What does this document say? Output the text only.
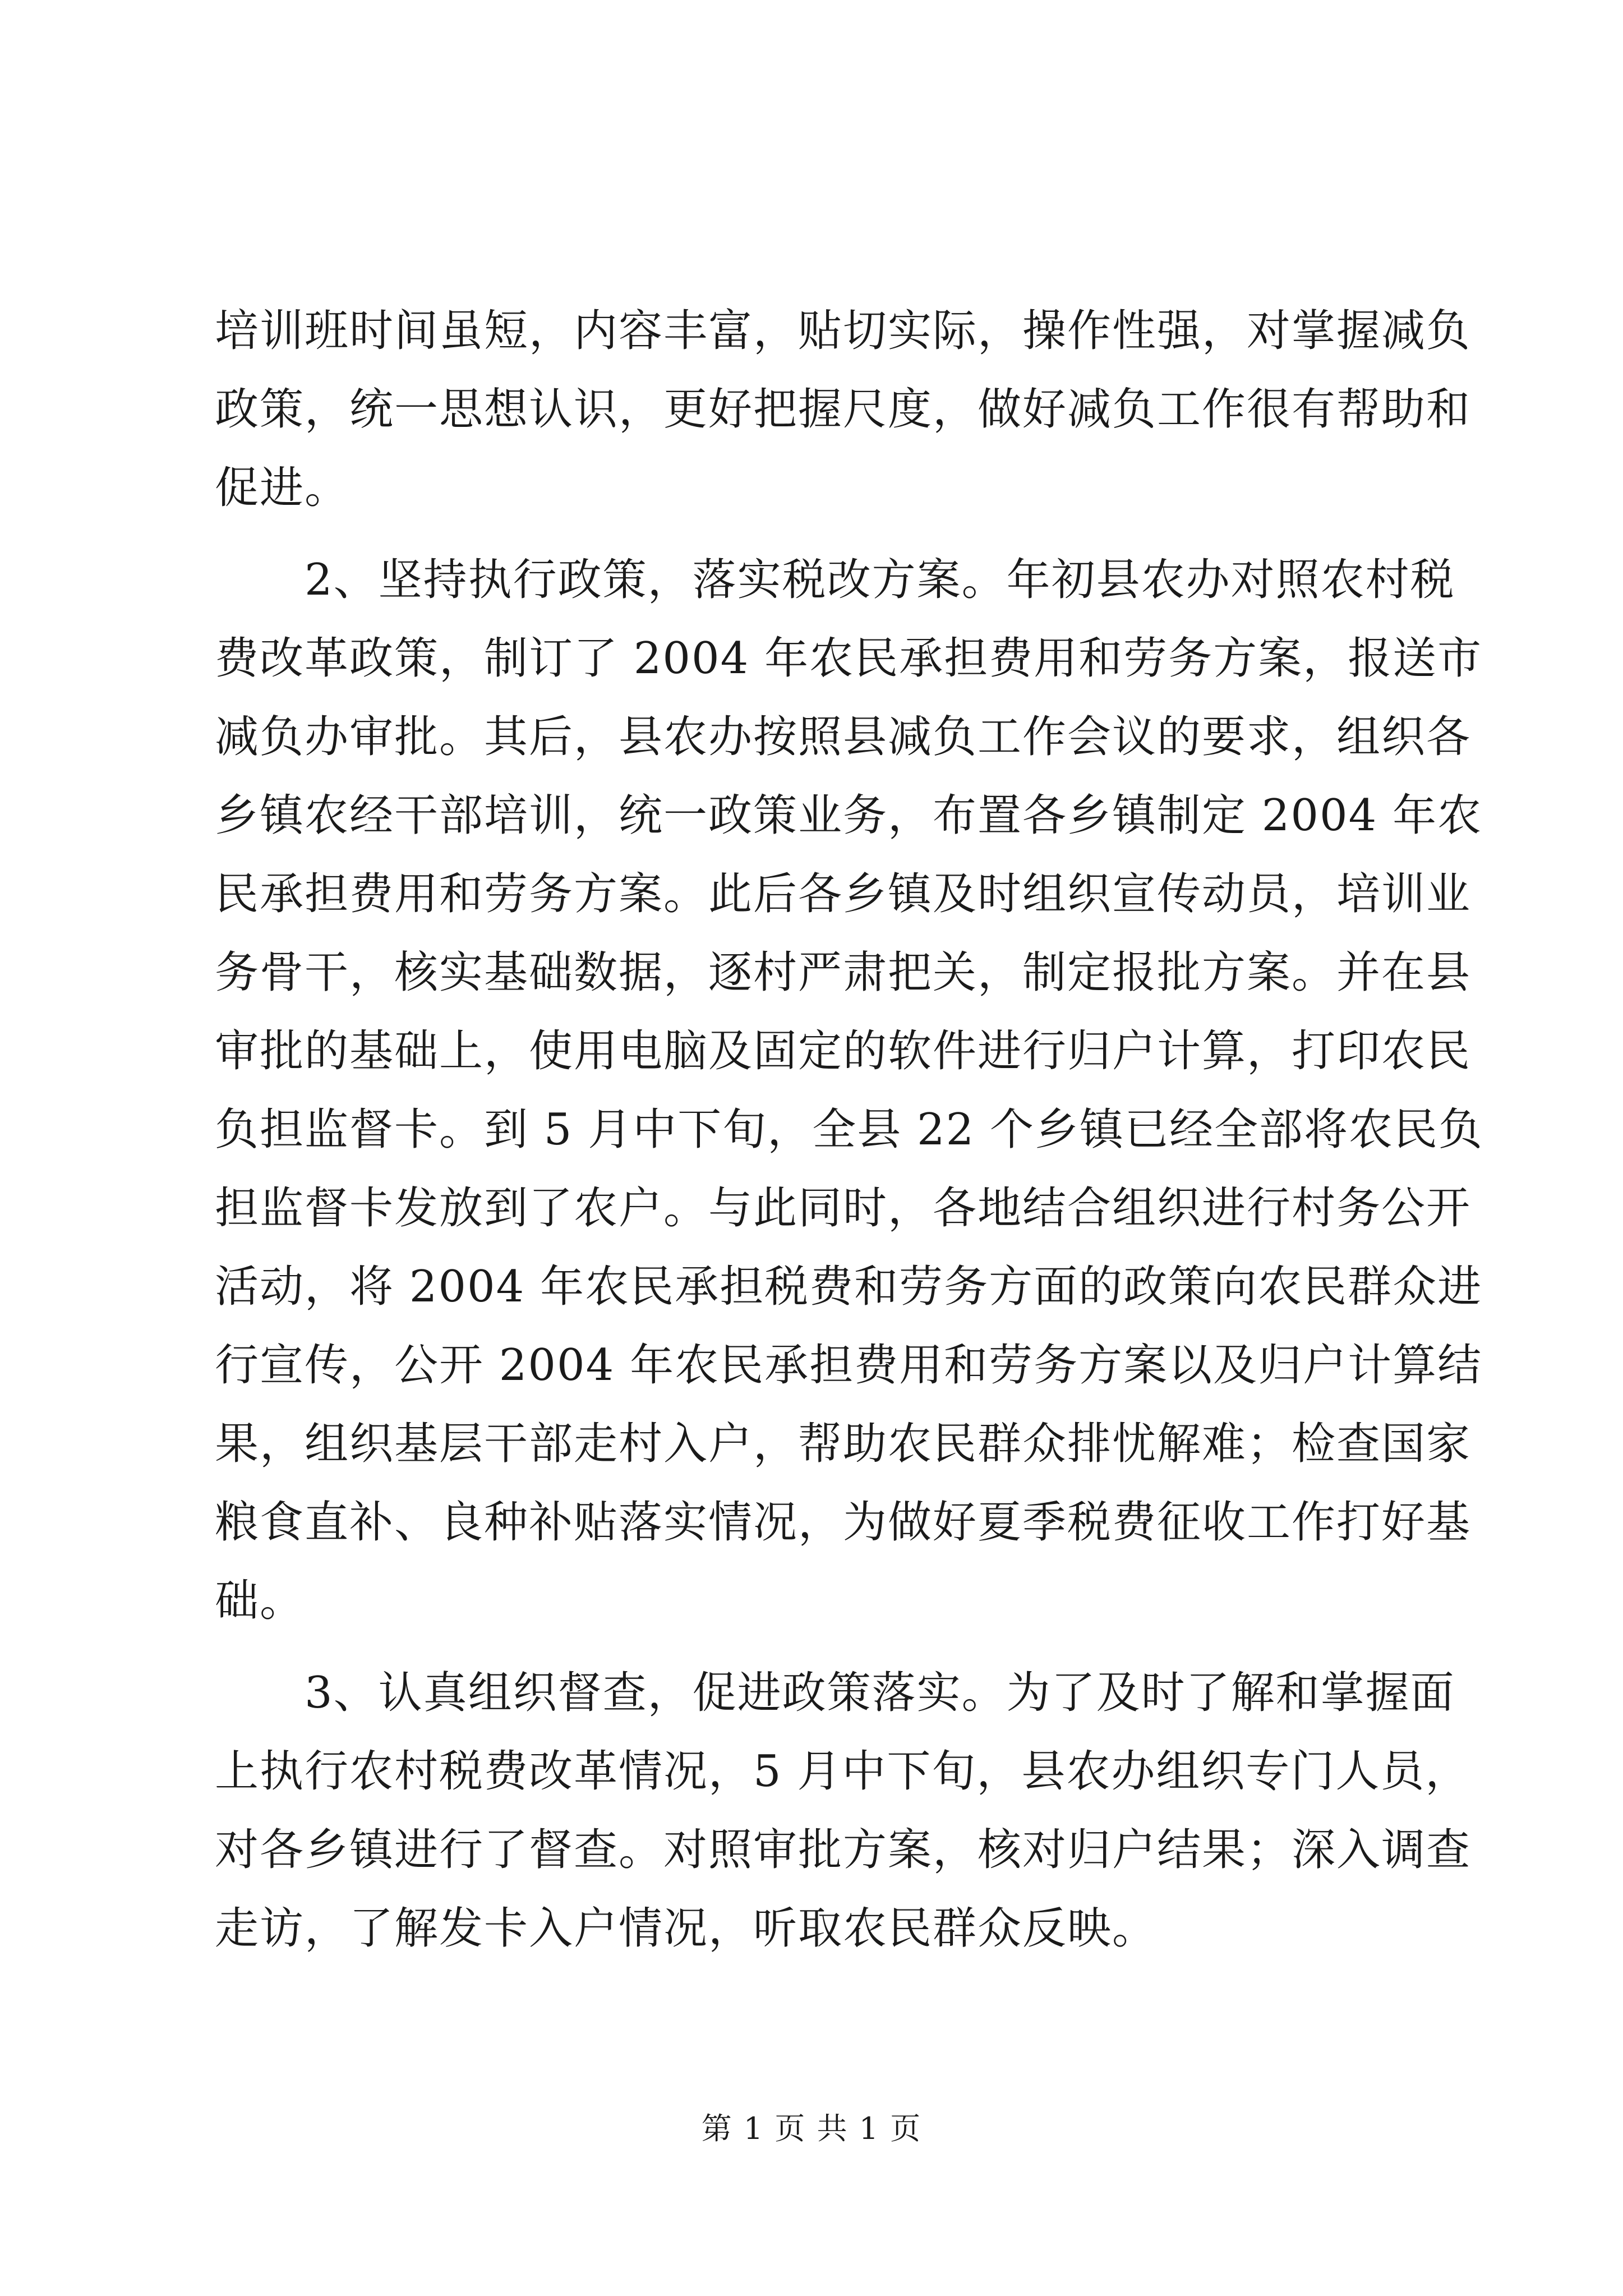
培训班时间虽短，内容丰富，贴切实际，操作性强，对掌握减负
政策，统一思想认识，更好把握尺度，做好减负工作很有帮助和
促进。
2、坚持执行政策，落实税改方案。年初县农办对照农村税
费改革政策，制订了 2004 年农民承担费用和劳务方案，报送市
减负办审批。其后，县农办按照县减负工作会议的要求，组织各
乡镇农经干部培训，统一政策业务，布置各乡镇制定 2004 年农
民承担费用和劳务方案。此后各乡镇及时组织宣传动员，培训业
务骨干，核实基础数据，逐村严肃把关，制定报批方案。并在县
审批的基础上，使用电脑及固定的软件进行归户计算，打印农民
负担监督卡。到 5 月中下旬，全县 22 个乡镇已经全部将农民负
担监督卡发放到了农户。与此同时，各地结合组织进行村务公开
活动，将 2004 年农民承担税费和劳务方面的政策向农民群众进
行宣传，公开 2004 年农民承担费用和劳务方案以及归户计算结
果，组织基层干部走村入户，帮助农民群众排忧解难；检查国家
粮食直补、良种补贴落实情况，为做好夏季税费征收工作打好基
础。
3、认真组织督查，促进政策落实。为了及时了解和掌握面
上执行农村税费改革情况，5 月中下旬，县农办组织专门人员，
对各乡镇进行了督查。对照审批方案，核对归户结果；深入调查
走访，了解发卡入户情况，听取农民群众反映。
第 1 页 共 1 页
